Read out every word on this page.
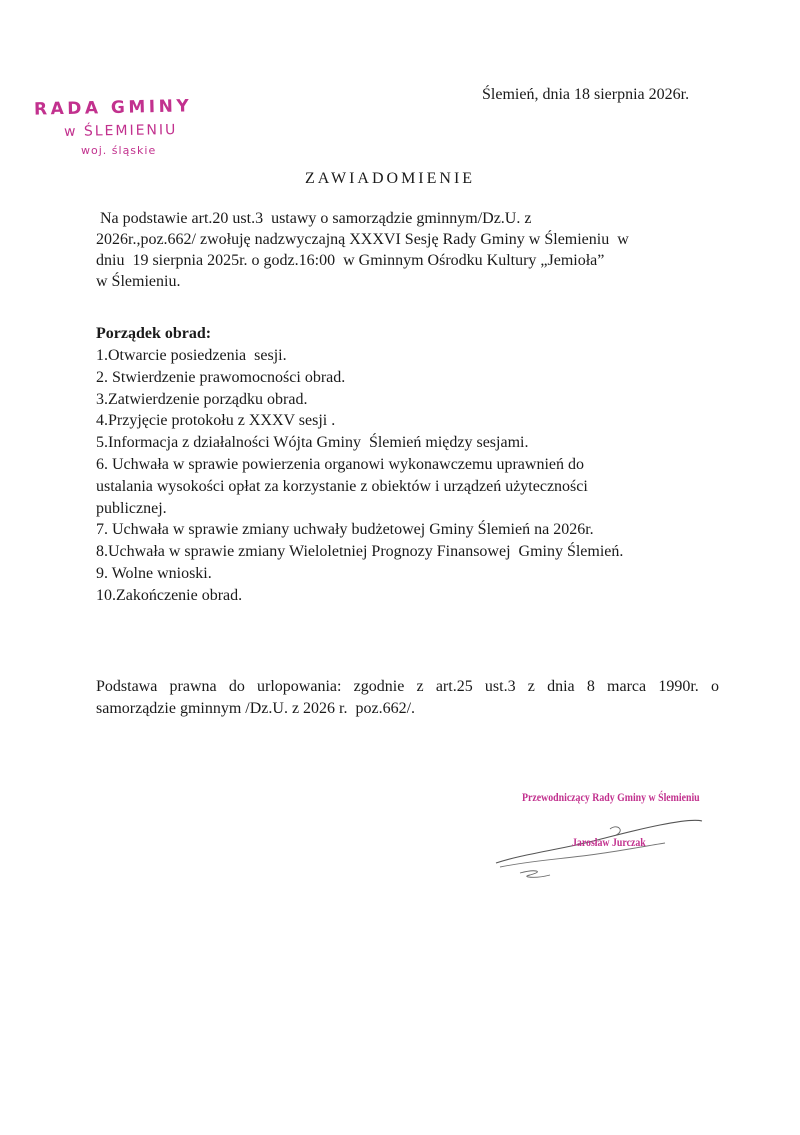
RADA GMINY
w ŚLEMIENIU
woj. śląskie
Ślemień, dnia 18 sierpnia 2026r.
ZAWIADOMIENIE
Na podstawie art.20 ust.3  ustawy o samorządzie gminnym/Dz.U. z
2026r.,poz.662/ zwołuję nadzwyczajną XXXVI Sesję Rady Gminy w Ślemieniu  w
dniu  19 sierpnia 2025r. o godz.16:00  w Gminnym Ośrodku Kultury „Jemioła”
w Ślemieniu.
Porządek obrad:
1.Otwarcie posiedzenia  sesji.
2. Stwierdzenie prawomocności obrad.
3.Zatwierdzenie porządku obrad.
4.Przyjęcie protokołu z XXXV sesji .
5.Informacja z działalności Wójta Gminy  Ślemień między sesjami.
6. Uchwała w sprawie powierzenia organowi wykonawczemu uprawnień do
ustalania wysokości opłat za korzystanie z obiektów i urządzeń użyteczności
publicznej.
7. Uchwała w sprawie zmiany uchwały budżetowej Gminy Ślemień na 2026r.
8.Uchwała w sprawie zmiany Wieloletniej Prognozy Finansowej  Gminy Ślemień.
9. Wolne wnioski.
10.Zakończenie obrad.
Podstawa prawna do urlopowania: zgodnie z art.25 ust.3 z dnia 8 marca 1990r. o
samorządzie gminnym /Dz.U. z 2026 r.  poz.662/.
Przewodniczący Rady Gminy w Ślemieniu
Jarosław Jurczak
